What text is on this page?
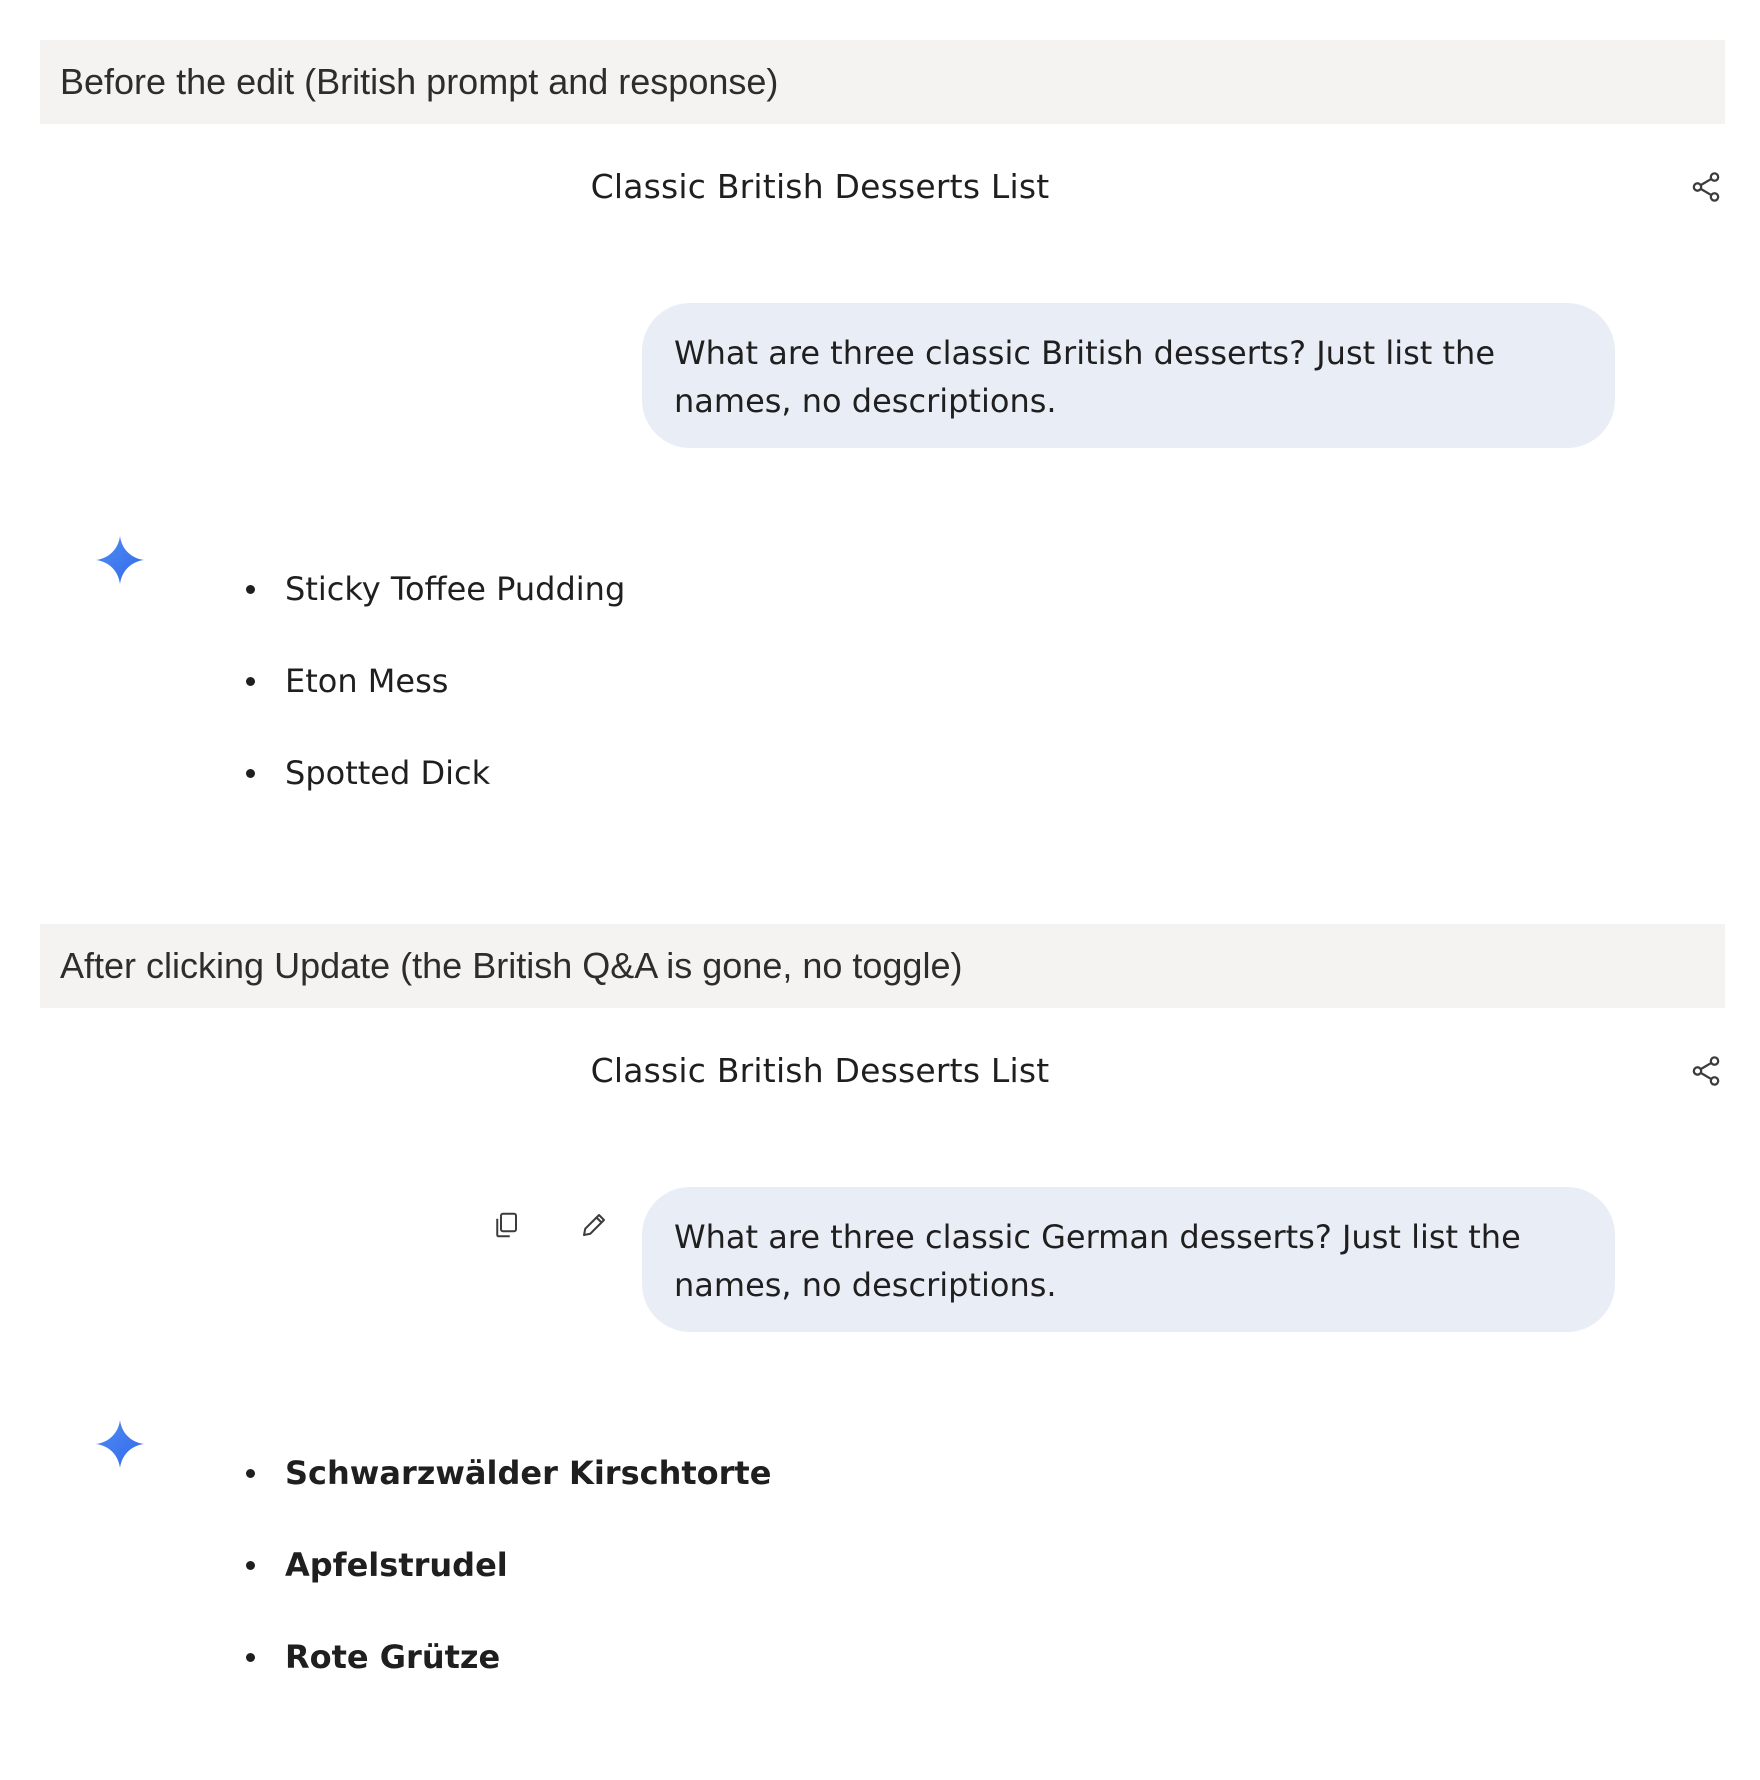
Before the edit (British prompt and response)
Classic British Desserts List
What are three classic British desserts? Just list the names, no descriptions.
Sticky Toffee Pudding
Eton Mess
Spotted Dick
After clicking Update (the British Q&A is gone, no toggle)
Classic British Desserts List
What are three classic German desserts? Just list the names, no descriptions.
Schwarzwälder Kirschtorte
Apfelstrudel
Rote Grütze
